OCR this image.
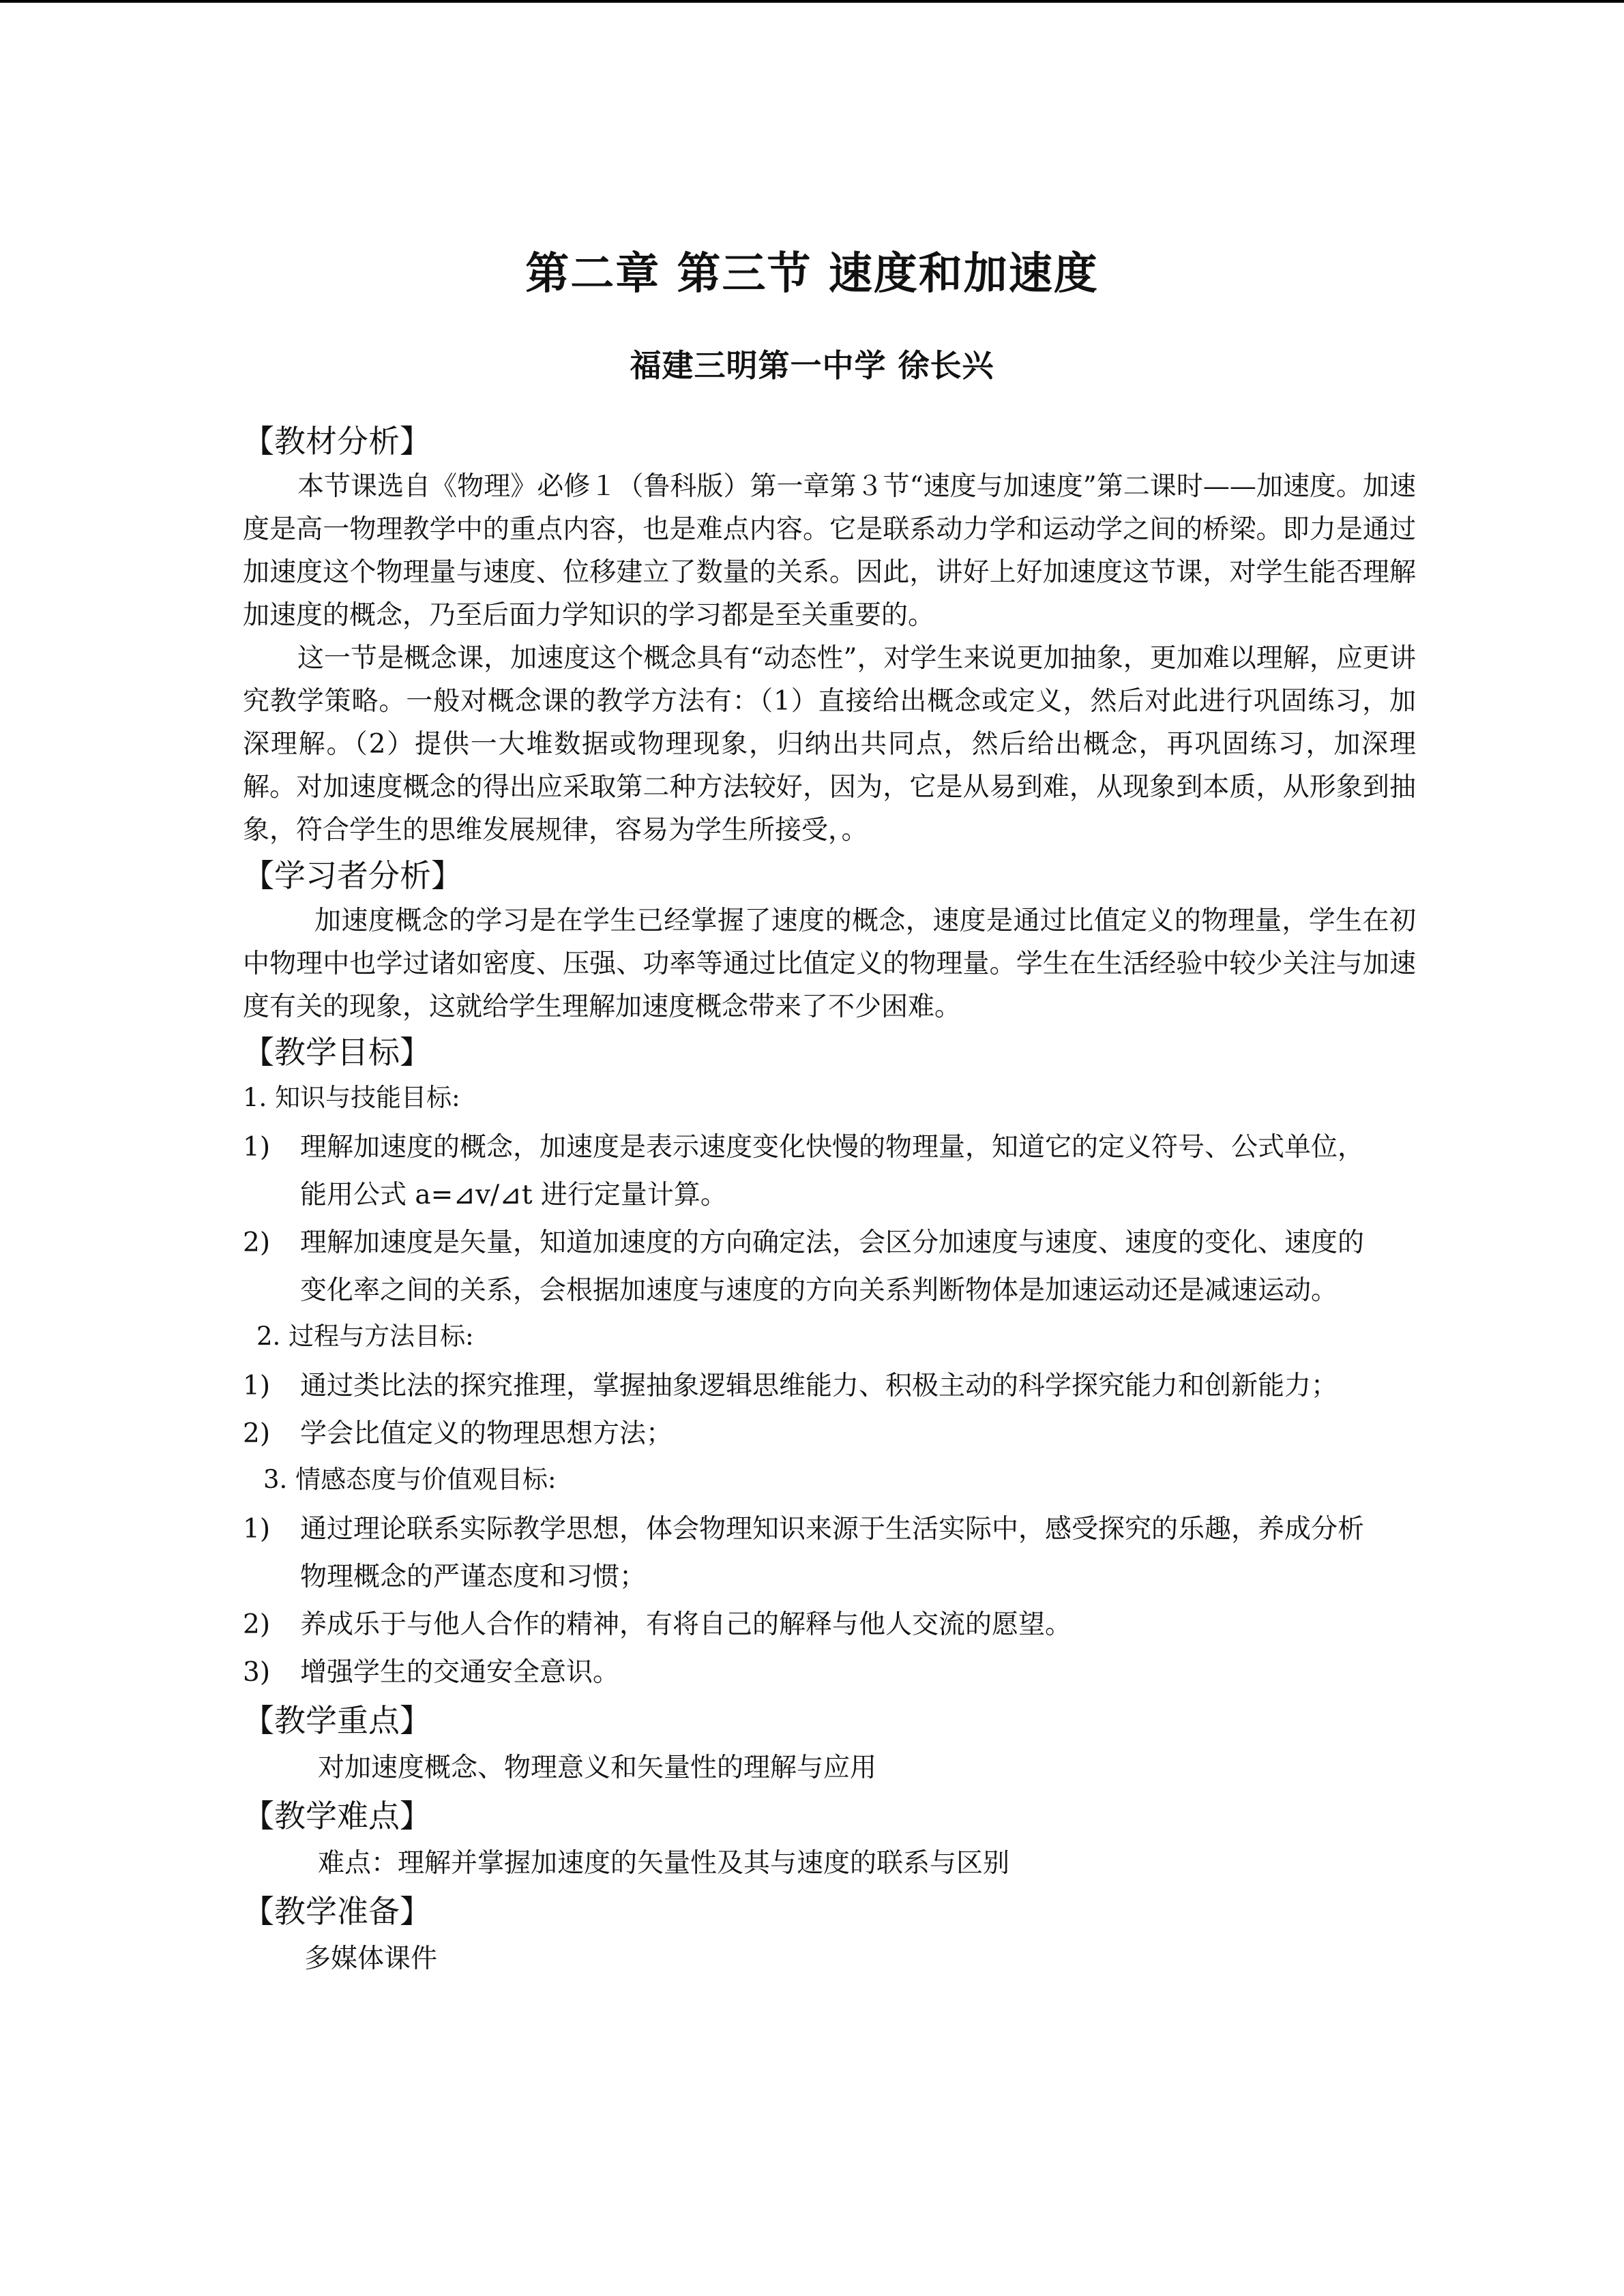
第二章 第三节 速度和加速度
福建三明第一中学 徐长兴
【教材分析】

本节课选自《物理》必修１（鲁科版）第一章第３节“速度与加速度”第二课时——加速度。加速度是高一物理教学中的重点内容，也是难点内容。它是联系动力学和运动学之间的桥梁。即力是通过加速度这个物理量与速度、位移建立了数量的关系。因此，讲好上好加速度这节课，对学生能否理解加速度的概念，乃至后面力学知识的学习都是至关重要的。

这一节是概念课，加速度这个概念具有“动态性”，对学生来说更加抽象，更加难以理解，应更讲究教学策略。一般对概念课的教学方法有：（1）直接给出概念或定义，然后对此进行巩固练习，加深理解。（2）提供一大堆数据或物理现象，归纳出共同点，然后给出概念，再巩固练习，加深理解。对加速度概念的得出应采取第二种方法较好，因为，它是从易到难，从现象到本质，从形象到抽象，符合学生的思维发展规律，容易为学生所接受，。

【学习者分析】

加速度概念的学习是在学生已经掌握了速度的概念，速度是通过比值定义的物理量，学生在初中物理中也学过诸如密度、压强、功率等通过比值定义的物理量。学生在生活经验中较少关注与加速度有关的现象，这就给学生理解加速度概念带来了不少困难。

【教学目标】
1. 知识与技能目标:
1)	理解加速度的概念，加速度是表示速度变化快慢的物理量，知道它的定义符号、公式单位，能用公式 a=⊿v/⊿t 进行定量计算。
2)	理解加速度是矢量，知道加速度的方向确定法，会区分加速度与速度、速度的变化、速度的变化率之间的关系，会根据加速度与速度的方向关系判断物体是加速运动还是减速运动。
2. 过程与方法目标:
1)	通过类比法的探究推理，掌握抽象逻辑思维能力、积极主动的科学探究能力和创新能力；
2)	学会比值定义的物理思想方法；
3. 情感态度与价值观目标:
1)	通过理论联系实际教学思想，体会物理知识来源于生活实际中，感受探究的乐趣，养成分析物理概念的严谨态度和习惯；
2)	养成乐于与他人合作的精神，有将自己的解释与他人交流的愿望。
3)	增强学生的交通安全意识。
【教学重点】
对加速度概念、物理意义和矢量性的理解与应用
【教学难点】
难点：理解并掌握加速度的矢量性及其与速度的联系与区别
【教学准备】
多媒体课件
